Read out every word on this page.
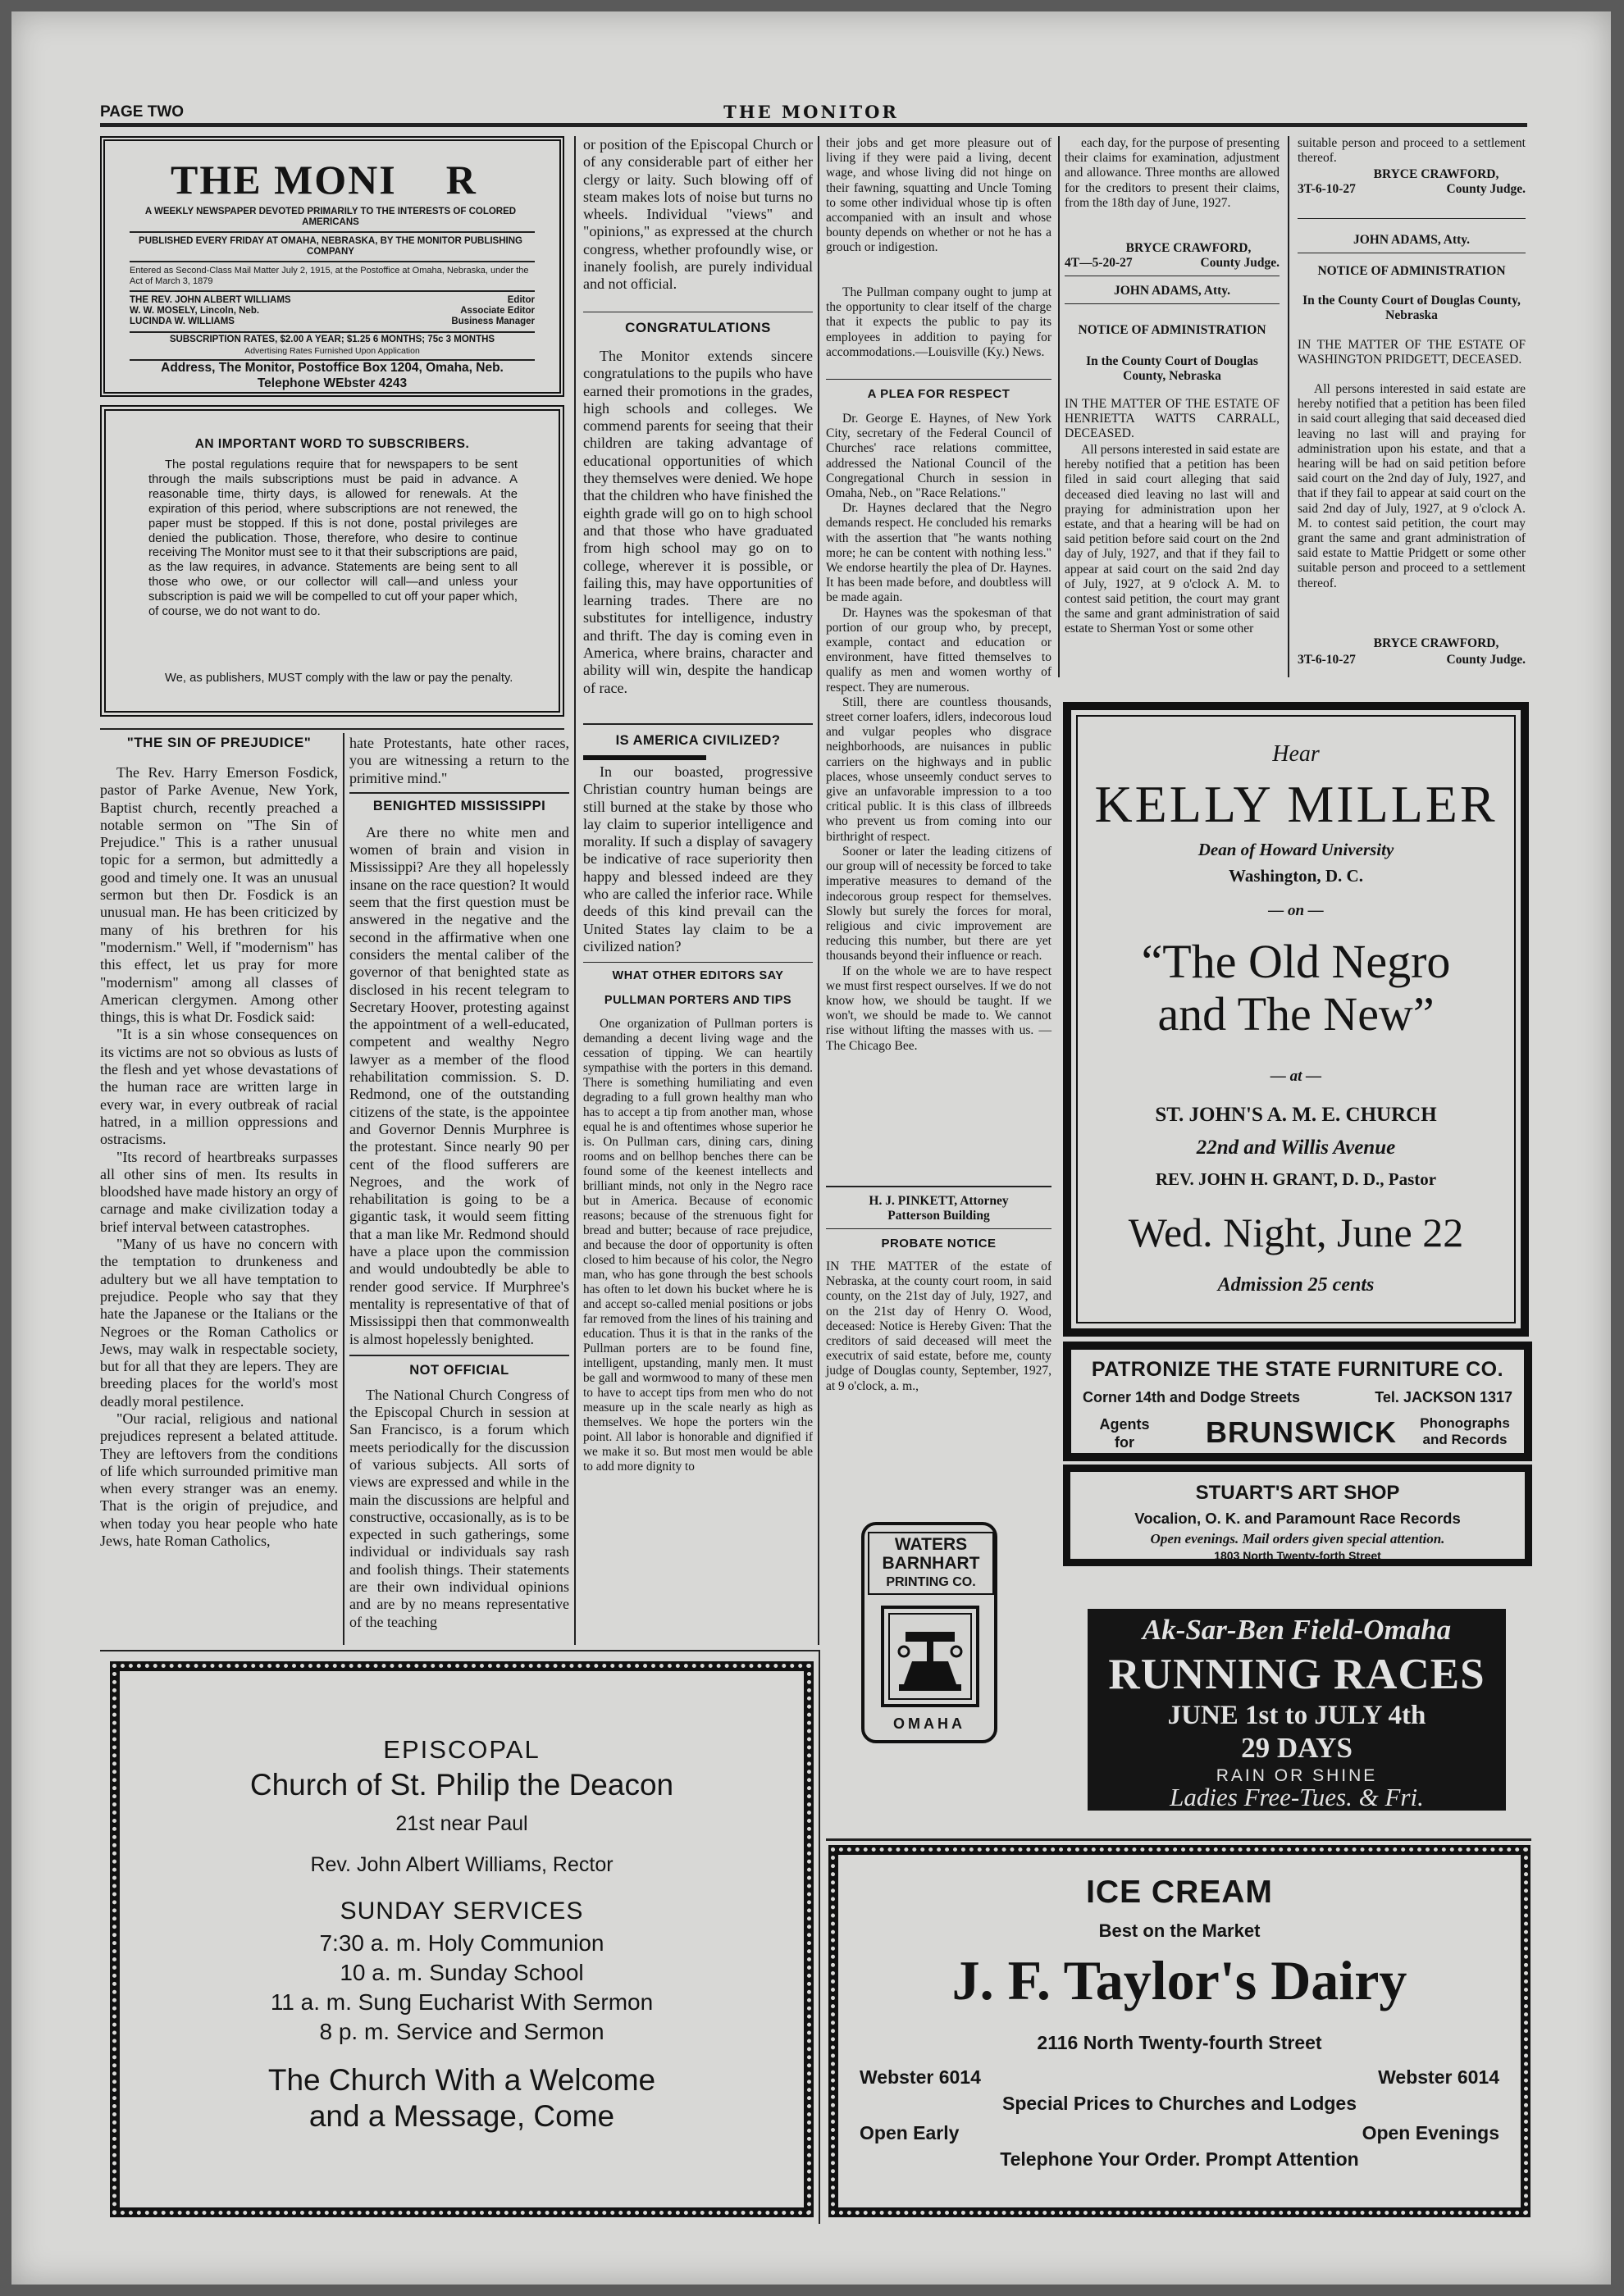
PAGE TWO	THE MONITOR
THE MONI R
A WEEKLY NEWSPAPER DEVOTED PRIMARILY TO THE INTERESTS OF COLORED AMERICANS
PUBLISHED EVERY FRIDAY AT OMAHA, NEBRASKA, BY THE MONITOR PUBLISHING COMPANY
Entered as Second-Class Mail Matter July 2, 1915, at the Postoffice at Omaha, Nebraska, under the Act of March 3, 1879
THE REV. JOHN ALBERT WILLIAMS	Editor
W. W. MOSELY, Lincoln, Neb.	Associate Editor
LUCINDA W. WILLIAMS	Business Manager
SUBSCRIPTION RATES, $2.00 A YEAR; $1.25 6 MONTHS; 75c 3 MONTHS
Advertising Rates Furnished Upon Application
Address, The Monitor, Postoffice Box 1204, Omaha, Neb.
Telephone WEbster 4243
AN IMPORTANT WORD TO SUBSCRIBERS.

The postal regulations require that for newspapers to be sent through the mails subscriptions must be paid in advance. A reasonable time, thirty days, is allowed for renewals. At the expiration of this period, where subscriptions are not renewed, the paper must be stopped. If this is not done, postal privileges are denied the publication. Those, therefore, who desire to continue receiving The Monitor must see to it that their subscriptions are paid, as the law requires, in advance. Statements are being sent to all those who owe, or our collector will call—and unless your subscription is paid we will be compelled to cut off your paper which, of course, we do not want to do.

We, as publishers, MUST comply with the law or pay the penalty.

or position of the Episcopal Church or of any considerable part of either her clergy or laity. Such blowing off of steam makes lots of noise but turns no wheels. Individual "views" and "opinions," as expressed at the church congress, whether profoundly wise, or inanely foolish, are purely individual and not official.

CONGRATULATIONS

The Monitor extends sincere congratulations to the pupils who have earned their promotions in the grades, high schools and colleges. We commend parents for seeing that their children are taking advantage of educational opportunities of which they themselves were denied. We hope that the children who have finished the eighth grade will go on to high school and that those who have graduated from high school may go on to college, wherever it is possible, or failing this, may have opportunities of learning trades. There are no substitutes for intelligence, industry and thrift. The day is coming even in America, where brains, character and ability will win, despite the handicap of race.

their jobs and get more pleasure out of living if they were paid a living, decent wage, and whose living did not hinge on their fawning, squatting and Uncle Toming to some other individual whose tip is often accompanied with an insult and whose bounty depends on whether or not he has a grouch or indigestion.

The Pullman company ought to jump at the opportunity to clear itself of the charge that it expects the public to pay its employees in addition to paying for accommodations.—Louisville (Ky.) News.

A PLEA FOR RESPECT

Dr. George E. Haynes, of New York City, secretary of the Federal Council of Churches' race relations committee, addressed the National Council of the Congregational Church in session in Omaha, Neb., on "Race Relations."

Dr. Haynes declared that the Negro demands respect. He concluded his remarks with the assertion that "he wants nothing more; he can be content with nothing less." We endorse heartily the plea of Dr. Haynes. It has been made before, and doubtless will be made again.

Dr. Haynes was the spokesman of that portion of our group who, by precept, example, contact and education or environment, have fitted themselves to qualify as men and women worthy of respect. They are numerous.

Still, there are countless thousands, street corner loafers, idlers, indecorous loud and vulgar peoples who disgrace neighborhoods, are nuisances in public carriers on the highways and in public places, whose unseemly conduct serves to give an unfavorable impression to a too critical public. It is this class of illbreeds who prevent us from coming into our birthright of respect.

Sooner or later the leading citizens of our group will of necessity be forced to take imperative measures to demand of the indecorous group respect for themselves. Slowly but surely the forces for moral, religious and civic improvement are reducing this number, but there are yet thousands beyond their influence or reach.

If on the whole we are to have respect we must first respect ourselves. If we do not know how, we should be taught. If we won't, we should be made to. We cannot rise without lifting the masses with us. —The Chicago Bee.

each day, for the purpose of presenting their claims for examination, adjustment and allowance. Three months are allowed for the creditors to present their claims, from the 18th day of June, 1927.

BRYCE CRAWFORD,
4T—5-20-27	County Judge.
JOHN ADAMS, Atty.
NOTICE OF ADMINISTRATION
In the County Court of Douglas County, Nebraska

IN THE MATTER OF THE ESTATE OF HENRIETTA WATTS CARRALL, DECEASED.

All persons interested in said estate are hereby notified that a petition has been filed in said court alleging that said deceased died leaving no last will and praying for administration upon her estate, and that a hearing will be had on said petition before said court on the 2nd day of July, 1927, and that if they fail to appear at said court on the said 2nd day of July, 1927, at 9 o'clock A. M. to contest said petition, the court may grant the same and grant administration of said estate to Sherman Yost or some other

suitable person and proceed to a settlement thereof.

BRYCE CRAWFORD,
3T-6-10-27	County Judge.
JOHN ADAMS, Atty.
NOTICE OF ADMINISTRATION
In the County Court of Douglas County, Nebraska

IN THE MATTER OF THE ESTATE OF WASHINGTON PRIDGETT, DECEASED.

All persons interested in said estate are hereby notified that a petition has been filed in said court alleging that said deceased died leaving no last will and praying for administration upon his estate, and that a hearing will be had on said petition before said court on the 2nd day of July, 1927, and that if they fail to appear at said court on the said 2nd day of July, 1927, at 9 o'clock A. M. to contest said petition, the court may grant the same and grant administration of said estate to Mattie Pridgett or some other suitable person and proceed to a settlement thereof.

BRYCE CRAWFORD,
3T-6-10-27	County Judge.
"THE SIN OF PREJUDICE"

The Rev. Harry Emerson Fosdick, pastor of Parke Avenue, New York, Baptist church, recently preached a notable sermon on "The Sin of Prejudice." This is a rather unusual topic for a sermon, but admittedly a good and timely one. It was an unusual sermon but then Dr. Fosdick is an unusual man. He has been criticized by many of his brethren for his "modernism." Well, if "modernism" has this effect, let us pray for more "modernism" among all classes of American clergymen. Among other things, this is what Dr. Fosdick said:

"It is a sin whose consequences on its victims are not so obvious as lusts of the flesh and yet whose devastations of the human race are written large in every war, in every outbreak of racial hatred, in a million oppressions and ostracisms.

"Its record of heartbreaks surpasses all other sins of men. Its results in bloodshed have made history an orgy of carnage and make civilization today a brief interval between catastrophes.

"Many of us have no concern with the temptation to drunkeness and adultery but we all have temptation to prejudice. People who say that they hate the Japanese or the Italians or the Negroes or the Roman Catholics or Jews, may walk in respectable society, but for all that they are lepers. They are breeding places for the world's most deadly moral pestilence.

"Our racial, religious and national prejudices represent a belated attitude. They are leftovers from the conditions of life which surrounded primitive man when every stranger was an enemy. That is the origin of prejudice, and when today you hear people who hate Jews, hate Roman Catholics,

hate Protestants, hate other races, you are witnessing a return to the primitive mind."

BENIGHTED MISSISSIPPI

Are there no white men and women of brain and vision in Mississippi? Are they all hopelessly insane on the race question? It would seem that the first question must be answered in the negative and the second in the affirmative when one considers the mental caliber of the governor of that benighted state as disclosed in his recent telegram to Secretary Hoover, protesting against the appointment of a well-educated, competent and wealthy Negro lawyer as a member of the flood rehabilitation commission. S. D. Redmond, one of the outstanding citizens of the state, is the appointee and Governor Dennis Murphree is the protestant. Since nearly 90 per cent of the flood sufferers are Negroes, and the work of rehabilitation is going to be a gigantic task, it would seem fitting that a man like Mr. Redmond should have a place upon the commission and would undoubtedly be able to render good service. If Murphree's mentality is representative of that of Mississippi then that commonwealth is almost hopelessly benighted.

NOT OFFICIAL

The National Church Congress of the Episcopal Church in session at San Francisco, is a forum which meets periodically for the discussion of various subjects. All sorts of views are expressed and while in the main the discussions are helpful and constructive, occasionally, as is to be expected in such gatherings, some individual or individuals say rash and foolish things. Their statements are their own individual opinions and are by no means representative of the teaching

IS AMERICA CIVILIZED?

In our boasted, progressive Christian country human beings are still burned at the stake by those who lay claim to superior intelligence and morality. If such a display of savagery be indicative of race superiority then happy and blessed indeed are they who are called the inferior race. While deeds of this kind prevail can the United States lay claim to be a civilized nation?

WHAT OTHER EDITORS SAY
PULLMAN PORTERS AND TIPS

One organization of Pullman porters is demanding a decent living wage and the cessation of tipping. We can heartily sympathise with the porters in this demand. There is something humiliating and even degrading to a full grown healthy man who has to accept a tip from another man, whose equal he is and oftentimes whose superior he is. On Pullman cars, dining cars, dining rooms and on bellhop benches there can be found some of the keenest intellects and brilliant minds, not only in the Negro race but in America. Because of economic reasons; because of the strenuous fight for bread and butter; because of race prejudice, and because the door of opportunity is often closed to him because of his color, the Negro man, who has gone through the best schools has often to let down his bucket where he is and accept so-called menial positions or jobs far removed from the lines of his training and education. Thus it is that in the ranks of the Pullman porters are to be found fine, intelligent, upstanding, manly men. It must be gall and wormwood to many of these men to have to accept tips from men who do not measure up in the scale nearly as high as themselves. We hope the porters win the point. All labor is honorable and dignified if we make it so. But most men would be able to add more dignity to

H. J. PINKETT, Attorney
Patterson Building
PROBATE NOTICE

IN THE MATTER of the estate of Nebraska, at the county court room, in said county, on the 21st day of July, 1927, and on the 21st day of Henry O. Wood, deceased: Notice is Hereby Given: That the creditors of said deceased will meet the executrix of said estate, before me, county judge of Douglas county, September, 1927, at 9 o'clock, a. m.,

Hear
KELLY MILLER
Dean of Howard University
Washington, D. C.
— on —
“The Old Negro
and The New”
— at —
ST. JOHN'S A. M. E. CHURCH
22nd and Willis Avenue
REV. JOHN H. GRANT, D. D., Pastor
Wed. Night, June 22
Admission 25 cents
PATRONIZE THE STATE FURNITURE CO.
Corner 14th and Dodge Streets	Tel. JACKSON 1317
Agents
for	BRUNSWICK	Phonographs
and Records
STUART'S ART SHOP
Vocalion, O. K. and Paramount Race Records
Open evenings. Mail orders given special attention.
1803 North Twenty-forth Street
WATERS
BARNHART
PRINTING CO.
OMAHA
Ak-Sar-Ben Field-Omaha
RUNNING RACES
JUNE 1st to JULY 4th
29 DAYS
RAIN OR SHINE
Ladies Free-Tues. & Fri.
EPISCOPAL
Church of St. Philip the Deacon
21st near Paul
Rev. John Albert Williams, Rector
SUNDAY SERVICES
7:30 a. m. Holy Communion
10 a. m. Sunday School
11 a. m. Sung Eucharist With Sermon
8 p. m. Service and Sermon
The Church With a Welcome
and a Message, Come
ICE CREAM
Best on the Market
J. F. Taylor's Dairy
2116 North Twenty-fourth Street
Webster 6014	Webster 6014
Special Prices to Churches and Lodges
Open Early	Open Evenings
Telephone Your Order. Prompt Attention
